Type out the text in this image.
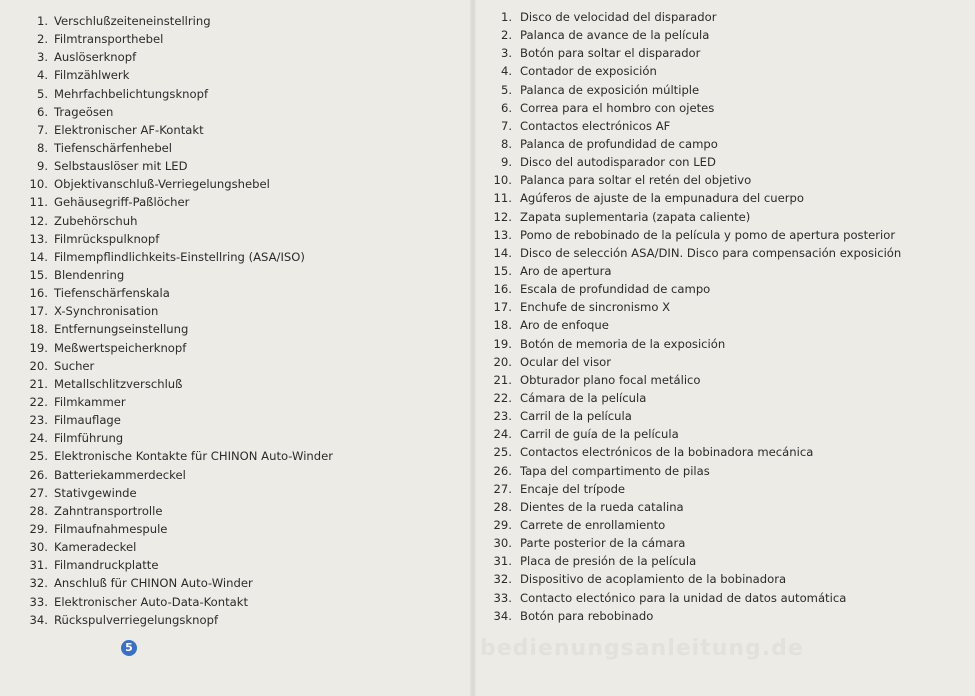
1. Verschlußzeiteneinstellring
2. Filmtransporthebel
3. Auslöserknopf
4. Filmzählwerk
5. Mehrfachbelichtungsknopf
6. Trageösen
7. Elektronischer AF-Kontakt
8. Tiefenschärfenhebel
9. Selbstauslöser mit LED
10. Objektivanschluß-Verriegelungshebel
11. Gehäusegriff-Paßlöcher
12. Zubehörschuh
13. Filmrückspulknopf
14. Filmempflindlichkeits-Einstellring (ASA/ISO)
15. Blendenring
16. Tiefenschärfenskala
17. X-Synchronisation
18. Entfernungseinstellung
19. Meßwertspeicherknopf
20. Sucher
21. Metallschlitzverschluß
22. Filmkammer
23. Filmauflage
24. Filmführung
25. Elektronische Kontakte für CHINON Auto-Winder
26. Batteriekammerdeckel
27. Stativgewinde
28. Zahntransportrolle
29. Filmaufnahmespule
30. Kameradeckel
31. Filmandruckplatte
32. Anschluß für CHINON Auto-Winder
33. Elektronischer Auto-Data-Kontakt
34. Rückspulverriegelungsknopf
5
1. Disco de velocidad del disparador
2. Palanca de avance de la película
3. Botón para soltar el disparador
4. Contador de exposición
5. Palanca de exposición múltiple
6. Correa para el hombro con ojetes
7. Contactos electrónicos AF
8. Palanca de profundidad de campo
9. Disco del autodisparador con LED
10. Palanca para soltar el retén del objetivo
11. Agúferos de ajuste de la empunadura del cuerpo
12. Zapata suplementaria (zapata caliente)
13. Pomo de rebobinado de la película y pomo de apertura posterior
14. Disco de selección ASA/DIN. Disco para compensación exposición
15. Aro de apertura
16. Escala de profundidad de campo
17. Enchufe de sincronismo X
18. Aro de enfoque
19. Botón de memoria de la exposición
20. Ocular del visor
21. Obturador plano focal metálico
22. Cámara de la película
23. Carril de la película
24. Carril de guía de la película
25. Contactos electrónicos de la bobinadora mecánica
26. Tapa del compartimento de pilas
27. Encaje del trípode
28. Dientes de la rueda catalina
29. Carrete de enrollamiento
30. Parte posterior de la cámara
31. Placa de presión de la película
32. Dispositivo de acoplamiento de la bobinadora
33. Contacto electónico para la unidad de datos automática
34. Botón para rebobinado
bedienungsanleitung.de
